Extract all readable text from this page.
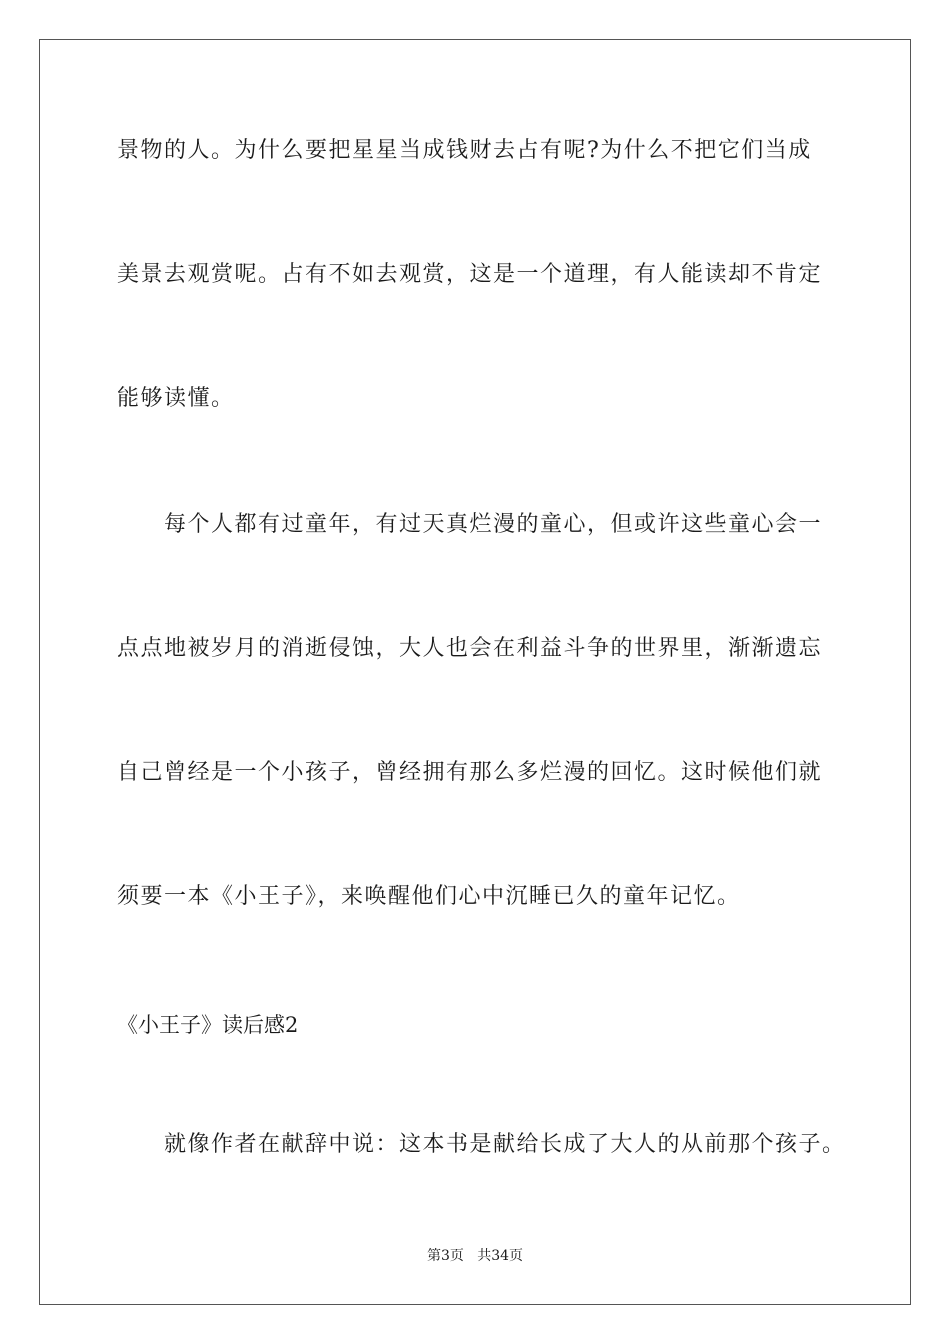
景物的人。为什么要把星星当成钱财去占有呢?为什么不把它们当成
美景去观赏呢。占有不如去观赏，这是一个道理，有人能读却不肯定
能够读懂。
每个人都有过童年，有过天真烂漫的童心，但或许这些童心会一
点点地被岁月的消逝侵蚀，大人也会在利益斗争的世界里，渐渐遗忘
自己曾经是一个小孩子，曾经拥有那么多烂漫的回忆。这时候他们就
须要一本《小王子》，来唤醒他们心中沉睡已久的童年记忆。
《小王子》读后感2
就像作者在献辞中说：这本书是献给长成了大人的从前那个孩子。
第3页   共34页
